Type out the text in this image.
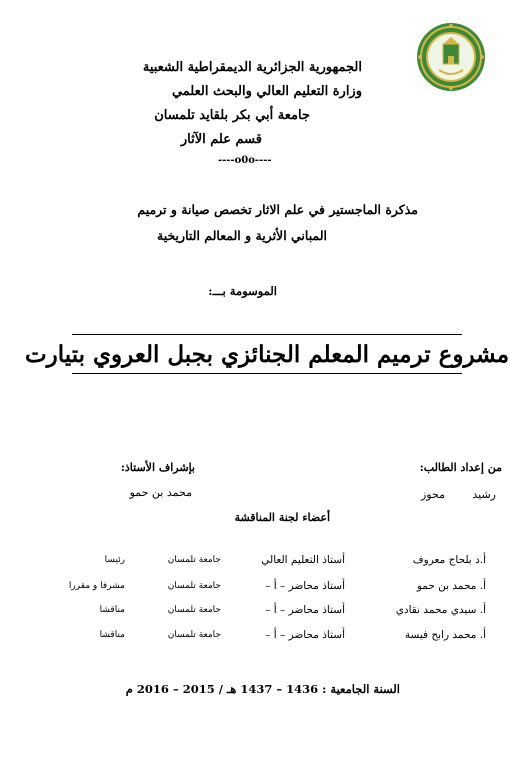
الجمهورية الجزائرية الديمقراطية الشعبية
وزارة التعليم العالي والبحث العلمي
جامعة أبي بكر بلقايد تلمسان
قسم علم الآثار
----o0o----
مذكرة الماجستير في علم الاثار تخصص صيانة و ترميم
المباني الأثرية و المعالم التاريخية
الموسومة بـــ:
مشروع ترميم المعلم الجنائزي بجبل العروي بتيارت
من إعداد الطالب:
بإشراف الأستاذ:
رشيد
محوز
محمد بن حمو
أعضاء لجنة المناقشة
أ.د بلحاج معروف
أستاذ التعليم العالي
جامعة تلمسان
رئيسا
أ. محمد بن حمو
أستاذ محاضر – أ –
جامعة تلمسان
مشرفا و مقررا
أ. سيدي محمد نقادي
أستاذ محاضر – أ –
جامعة تلمسان
مناقشا
أ. محمد رابح فيسة
أستاذ محاضر – أ –
جامعة تلمسان
مناقشا
السنة الجامعية : 1436 – 1437 هـ / 2015 – 2016 م
